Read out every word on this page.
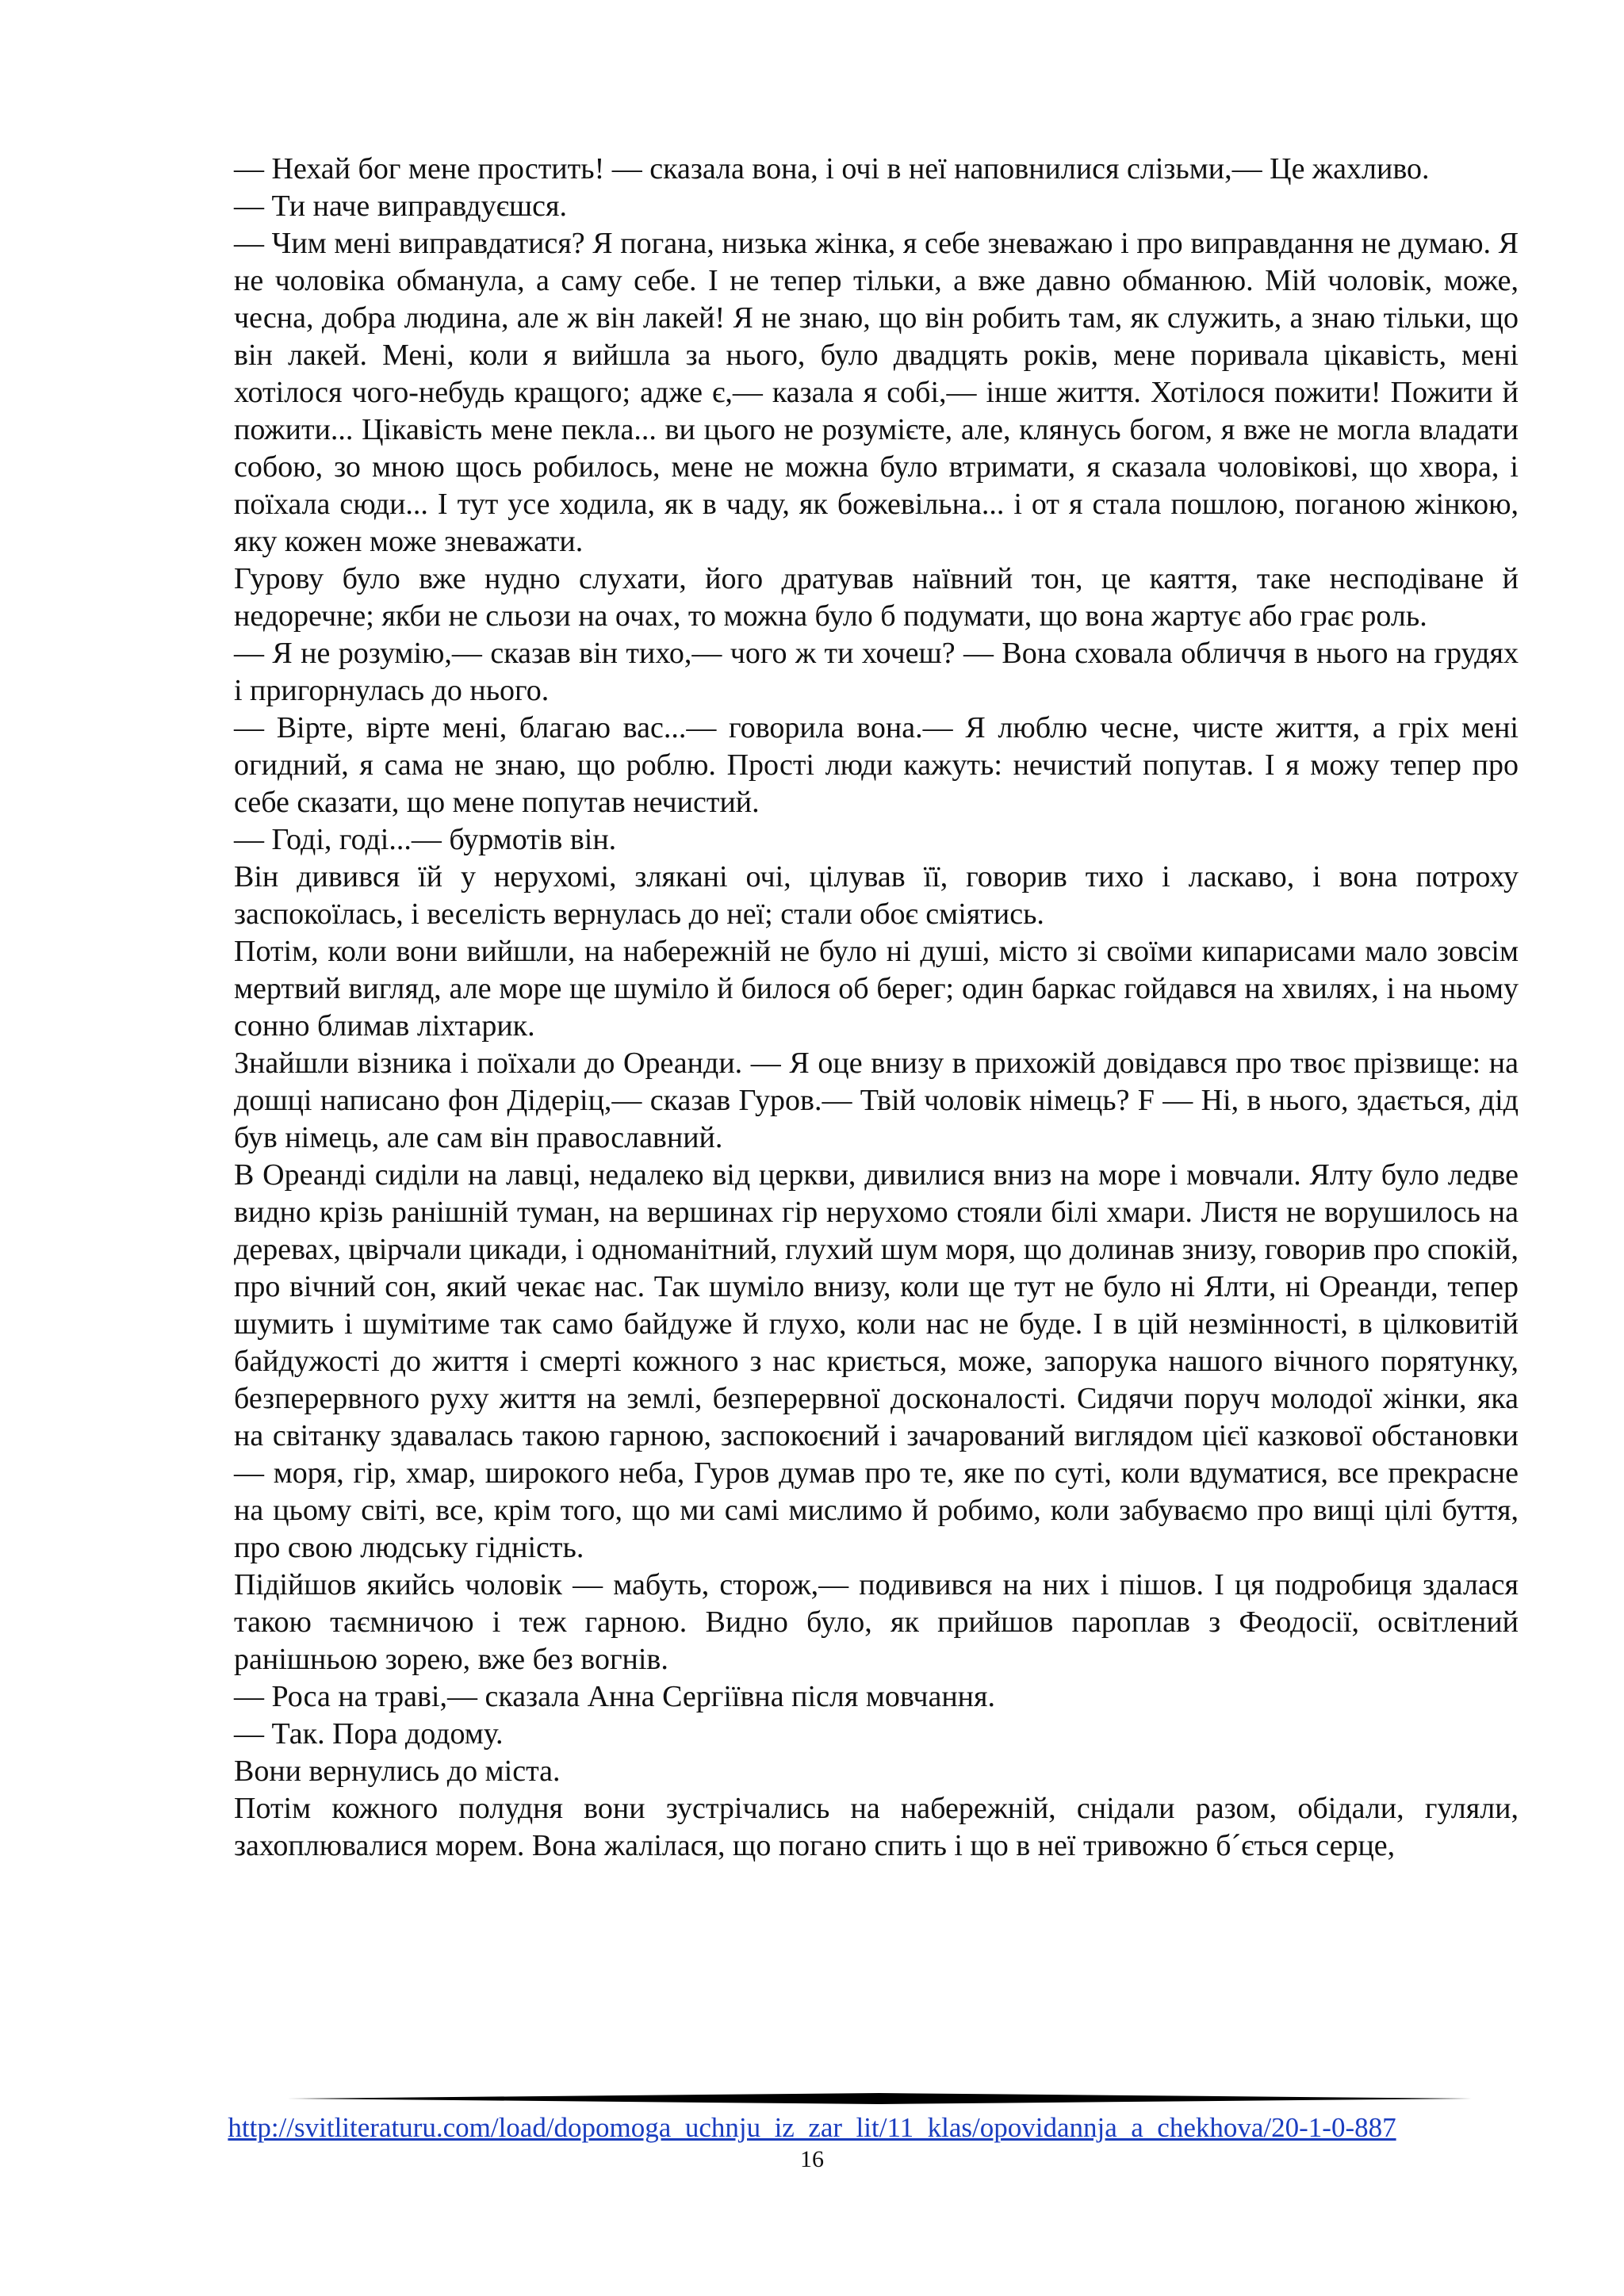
— Нехай бог мене простить! — сказала вона, і очі в неї наповнилися слізьми,— Це жахливо.

— Ти наче виправдуєшся.

— Чим мені виправдатися? Я погана, низька жінка, я себе зневажаю і про виправдання не думаю. Я не чоловіка обманула, а саму себе. І не тепер тільки, а вже давно обманюю. Мій чоловік, може, чесна, добра людина, але ж він лакей! Я не знаю, що він робить там, як служить, а знаю тільки, що він лакей. Мені, коли я вийшла за нього, було двадцять років, мене поривала цікавість, мені хотілося чого-небудь кращого; адже є,— казала я собі,— інше життя. Хотілося пожити! Пожити й пожити... Цікавість мене пекла... ви цього не розумієте, але, клянусь богом, я вже не могла владати собою, зо мною щось робилось, мене не можна було втримати, я сказала чоловікові, що хвора, і поїхала сюди... І тут усе ходила, як в чаду, як божевільна... і от я стала пошлою, поганою жінкою, яку кожен може зневажати.

Гурову було вже нудно слухати, його дратував наївний тон, це каяття, таке несподіване й недоречне; якби не сльози на очах, то можна було б подумати, що вона жартує або грає роль.

— Я не розумію,— сказав він тихо,— чого ж ти хочеш? — Вона сховала обличчя в нього на грудях і пригорнулась до нього.

— Вірте, вірте мені, благаю вас...— говорила вона.— Я люблю чесне, чисте життя, а гріх мені огидний, я сама не знаю, що роблю. Прості люди кажуть: нечистий попутав. І я можу тепер про себе сказати, що мене попутав нечистий.

— Годі, годі...— бурмотів він.

Він дивився їй у нерухомі, злякані очі, цілував її, говорив тихо і ласкаво, і вона потроху заспокоїлась, і веселість вернулась до неї; стали обоє сміятись.

Потім, коли вони вийшли, на набережній не було ні душі, місто зі своїми кипарисами мало зовсім мертвий вигляд, але море ще шуміло й билося об берег; один баркас гойдався на хвилях, і на ньому сонно блимав ліхтарик.

Знайшли візника і поїхали до Ореанди. — Я оце внизу в прихожій довідався про твоє прізвище: на дошці написано фон Дідеріц,— сказав Гуров.— Твій чоловік німець? F — Ні, в нього, здається, дід був німець, але сам він православний.

В Ореанді сиділи на лавці, недалеко від церкви, дивилися вниз на море і мовчали. Ялту було ледве видно крізь ранішній туман, на вершинах гір нерухомо стояли білі хмари. Листя не ворушилось на деревах, цвірчали цикади, і одноманітний, глухий шум моря, що долинав знизу, говорив про спокій, про вічний сон, який чекає нас. Так шуміло внизу, коли ще тут не було ні Ялти, ні Ореанди, тепер шумить і шумітиме так само байдуже й глухо, коли нас не буде. І в цій незмінності, в цілковитій байдужості до життя і смерті кожного з нас криється, може, запорука нашого вічного порятунку, безперервного руху життя на землі, безперервної досконалості. Сидячи поруч молодої жінки, яка на світанку здавалась такою гарною, заспокоєний і зачарований виглядом цієї казкової обстановки — моря, гір, хмар, широкого неба, Гуров думав про те, яке по суті, коли вдуматися, все прекрасне на цьому світі, все, крім того, що ми самі мислимо й робимо, коли забуваємо про вищі цілі буття, про свою людську гідність.

Підійшов якийсь чоловік — мабуть, сторож,— подивився на них і пішов. І ця подробиця здалася такою таємничою і теж гарною. Видно було, як прийшов пароплав з Феодосії, освітлений ранішньою зорею, вже без вогнів.

— Роса на траві,— сказала Анна Сергіївна після мовчання.

— Так. Пора додому.

Вони вернулись до міста.

Потім кожного полудня вони зустрічались на набережній, снідали разом, обідали, гуляли, захоплювалися морем. Вона жалілася, що погано спить і що в неї тривожно б´ється серце,

http://svitliteraturu.com/load/dopomoga_uchnju_iz_zar_lit/11_klas/opovidannja_a_chekhova/20-1-0-887
16
